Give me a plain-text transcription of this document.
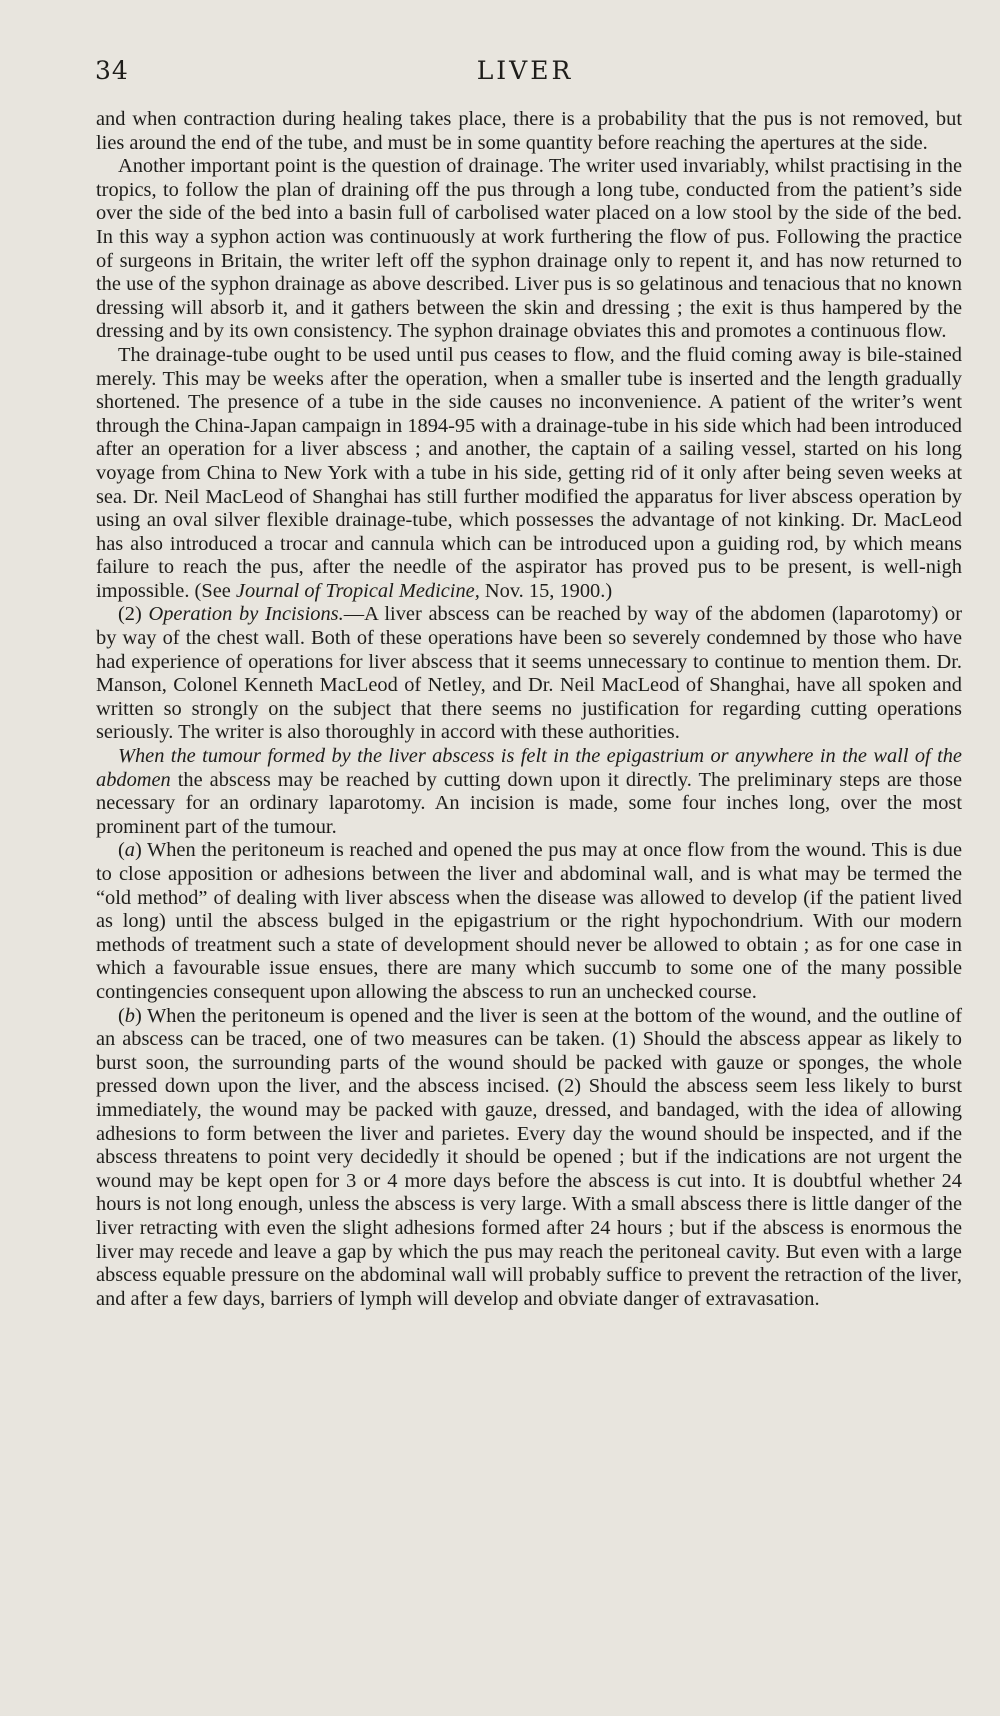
34	LIVER

and when contraction during healing takes place, there is a probability that the pus is not removed, but lies around the end of the tube, and must be in some quantity before reaching the apertures at the side.

Another important point is the question of drainage. The writer used invariably, whilst practising in the tropics, to follow the plan of draining off the pus through a long tube, conducted from the patient’s side over the side of the bed into a basin full of carbolised water placed on a low stool by the side of the bed. In this way a syphon action was continuously at work furthering the flow of pus. Following the practice of surgeons in Britain, the writer left off the syphon drainage only to repent it, and has now returned to the use of the syphon drainage as above described. Liver pus is so gelatinous and tenacious that no known dressing will absorb it, and it gathers between the skin and dressing ; the exit is thus hampered by the dressing and by its own consistency. The syphon drainage obviates this and promotes a continuous flow.

The drainage-tube ought to be used until pus ceases to flow, and the fluid coming away is bile-stained merely. This may be weeks after the operation, when a smaller tube is inserted and the length gradually shortened. The presence of a tube in the side causes no inconvenience. A patient of the writer’s went through the China-Japan campaign in 1894-95 with a drainage-tube in his side which had been introduced after an operation for a liver abscess ; and another, the captain of a sailing vessel, started on his long voyage from China to New York with a tube in his side, getting rid of it only after being seven weeks at sea. Dr. Neil MacLeod of Shanghai has still further modified the apparatus for liver abscess operation by using an oval silver flexible drainage-tube, which possesses the advantage of not kinking. Dr. MacLeod has also introduced a trocar and cannula which can be introduced upon a guiding rod, by which means failure to reach the pus, after the needle of the aspirator has proved pus to be present, is well-nigh impossible. (See Journal of Tropical Medicine, Nov. 15, 1900.)

(2) Operation by Incisions.—A liver abscess can be reached by way of the abdomen (laparotomy) or by way of the chest wall. Both of these operations have been so severely condemned by those who have had experience of operations for liver abscess that it seems unnecessary to continue to mention them. Dr. Manson, Colonel Kenneth MacLeod of Netley, and Dr. Neil MacLeod of Shanghai, have all spoken and written so strongly on the subject that there seems no justification for regarding cutting operations seriously. The writer is also thoroughly in accord with these authorities.

When the tumour formed by the liver abscess is felt in the epigastrium or anywhere in the wall of the abdomen the abscess may be reached by cutting down upon it directly. The preliminary steps are those necessary for an ordinary laparotomy. An incision is made, some four inches long, over the most prominent part of the tumour.

(a) When the peritoneum is reached and opened the pus may at once flow from the wound. This is due to close apposition or adhesions between the liver and abdominal wall, and is what may be termed the “old method” of dealing with liver abscess when the disease was allowed to develop (if the patient lived as long) until the abscess bulged in the epigastrium or the right hypochondrium. With our modern methods of treatment such a state of development should never be allowed to obtain ; as for one case in which a favourable issue ensues, there are many which succumb to some one of the many possible contingencies consequent upon allowing the abscess to run an unchecked course.

(b) When the peritoneum is opened and the liver is seen at the bottom of the wound, and the outline of an abscess can be traced, one of two measures can be taken. (1) Should the abscess appear as likely to burst soon, the surrounding parts of the wound should be packed with gauze or sponges, the whole pressed down upon the liver, and the abscess incised. (2) Should the abscess seem less likely to burst immediately, the wound may be packed with gauze, dressed, and bandaged, with the idea of allowing adhesions to form between the liver and parietes. Every day the wound should be inspected, and if the abscess threatens to point very decidedly it should be opened ; but if the indications are not urgent the wound may be kept open for 3 or 4 more days before the abscess is cut into. It is doubtful whether 24 hours is not long enough, unless the abscess is very large. With a small abscess there is little danger of the liver retracting with even the slight adhesions formed after 24 hours ; but if the abscess is enormous the liver may recede and leave a gap by which the pus may reach the peritoneal cavity. But even with a large abscess equable pressure on the abdominal wall will probably suffice to prevent the retraction of the liver, and after a few days, barriers of lymph will develop and obviate danger of extravasation.
